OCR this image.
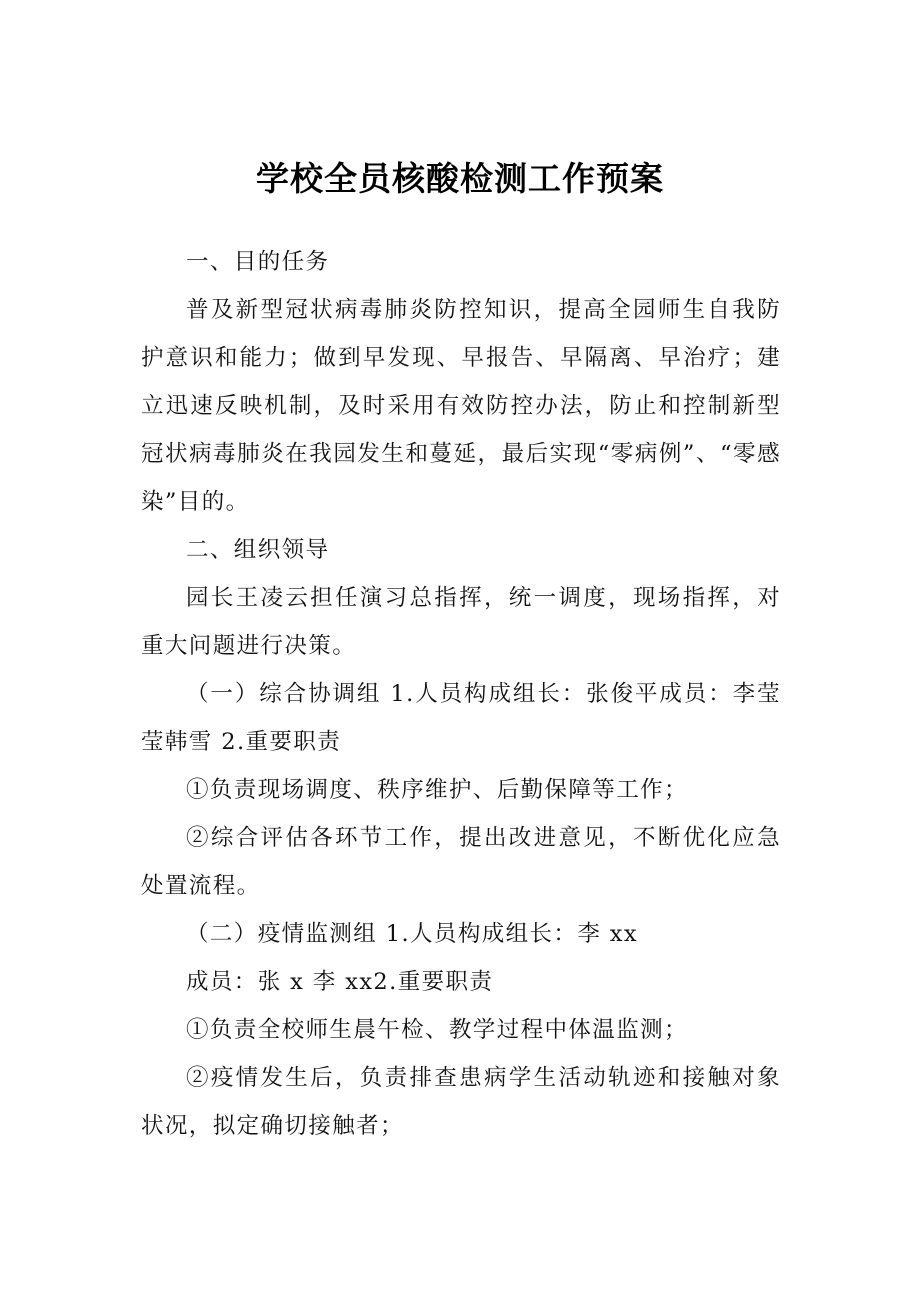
学校全员核酸检测工作预案

一、目的任务

普及新型冠状病毒肺炎防控知识，提高全园师生自我防护意识和能力；做到早发现、早报告、早隔离、早治疗；建立迅速反映机制，及时采用有效防控办法，防止和控制新型冠状病毒肺炎在我园发生和蔓延，最后实现“零病例”、“零感染”目的。

二、组织领导

园长王凌云担任演习总指挥，统一调度，现场指挥，对重大问题进行决策。

（一）综合协调组 1.人员构成组长：张俊平成员：李莹莹韩雪 2.重要职责

①负责现场调度、秩序维护、后勤保障等工作；

②综合评估各环节工作，提出改进意见，不断优化应急处置流程。

（二）疫情监测组 1.人员构成组长：李 xx

成员：张 x 李 xx2.重要职责

①负责全校师生晨午检、教学过程中体温监测；

②疫情发生后，负责排查患病学生活动轨迹和接触对象状况，拟定确切接触者；
